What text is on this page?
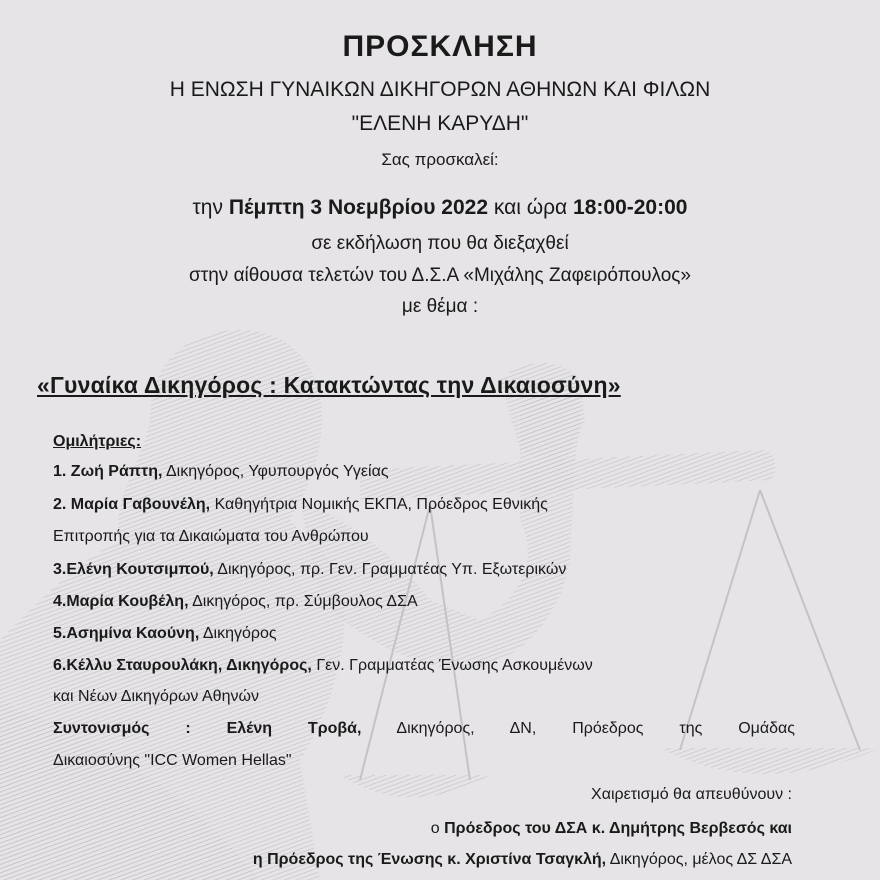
ΠΡΟΣΚΛΗΣΗ
Η ΕΝΩΣΗ ΓΥΝΑΙΚΩΝ ΔΙΚΗΓΟΡΩΝ ΑΘΗΝΩΝ ΚΑΙ ΦΙΛΩΝ
"ΕΛΕΝΗ ΚΑΡΥΔΗ"
Σας προσκαλεί:
την Πέμπτη 3 Νοεμβρίου 2022 και ώρα 18:00-20:00
σε εκδήλωση που θα διεξαχθεί
στην αίθουσα τελετών του Δ.Σ.Α «Μιχάλης Ζαφειρόπουλος»
με θέμα :
«Γυναίκα Δικηγόρος : Κατακτώντας την Δικαιοσύνη»
Ομιλήτριες:
1. Ζωή Ράπτη, Δικηγόρος, Υφυπουργός Υγείας
2. Μαρία Γαβουνέλη, Καθηγήτρια Νομικής ΕΚΠΑ, Πρόεδρος Εθνικής
Επιτροπής για τα Δικαιώματα του Ανθρώπου
3.Ελένη Κουτσιμπού, Δικηγόρος, πρ. Γεν. Γραμματέας Υπ. Εξωτερικών
4.Μαρία Κουβέλη, Δικηγόρος, πρ. Σύμβουλος ΔΣΑ
5.Ασημίνα Καούνη, Δικηγόρος
6.Κέλλυ Σταυρουλάκη, Δικηγόρος, Γεν. Γραμματέας Ένωσης Ασκουμένων
και Νέων Δικηγόρων Αθηνών
Συντονισμός : Ελένη Τροβά, Δικηγόρος, ΔΝ, Πρόεδρος της Ομάδας
Δικαιοσύνης "ICC Women Hellas"
Χαιρετισμό θα απευθύνουν :
ο Πρόεδρος του ΔΣΑ κ. Δημήτρης Βερβεσός και
η Πρόεδρος της Ένωσης κ. Χριστίνα Τσαγκλή, Δικηγόρος, μέλος ΔΣ ΔΣΑ
